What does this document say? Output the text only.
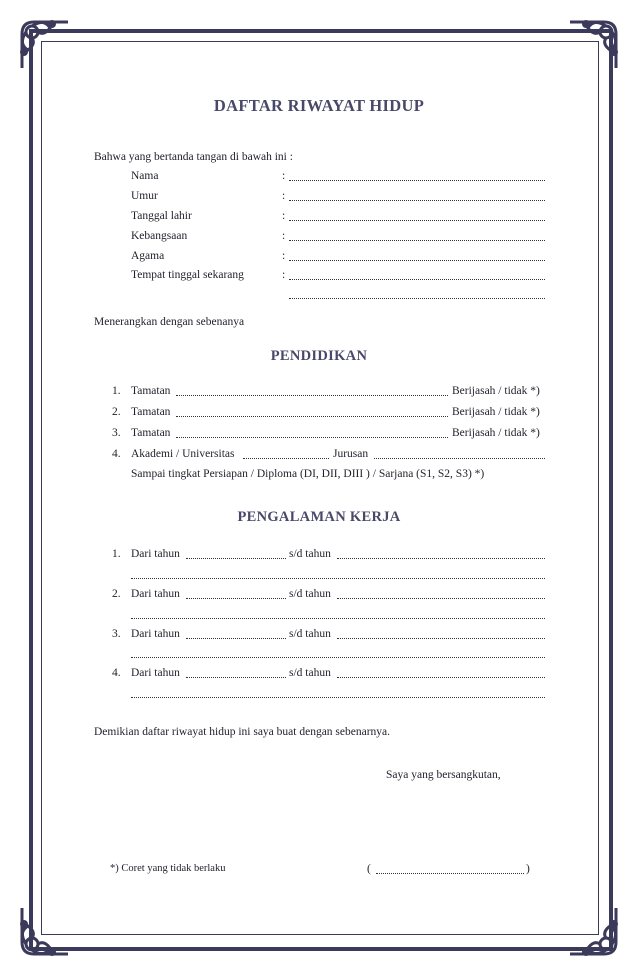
DAFTAR RIWAYAT HIDUP
Bahwa yang bertanda tangan di bawah ini :
Nama	:
Umur	:
Tanggal lahir	:
Kebangsaan	:
Agama	:
Tempat tinggal sekarang	:
Menerangkan dengan sebenanya
PENDIDIKAN
1. Tamatan	Berijasah / tidak *)
2. Tamatan	Berijasah / tidak *)
3. Tamatan	Berijasah / tidak *)
4. Akademi / Universitas	Jurusan
Sampai tingkat Persiapan / Diploma (DI, DII, DIII ) / Sarjana (S1, S2, S3) *)
PENGALAMAN KERJA
1. Dari tahun	s/d tahun
2. Dari tahun	s/d tahun
3. Dari tahun	s/d tahun
4. Dari tahun	s/d tahun
Demikian daftar riwayat hidup ini saya buat dengan sebenarnya.
Saya yang bersangkutan,
*) Coret yang tidak berlaku	(	)
